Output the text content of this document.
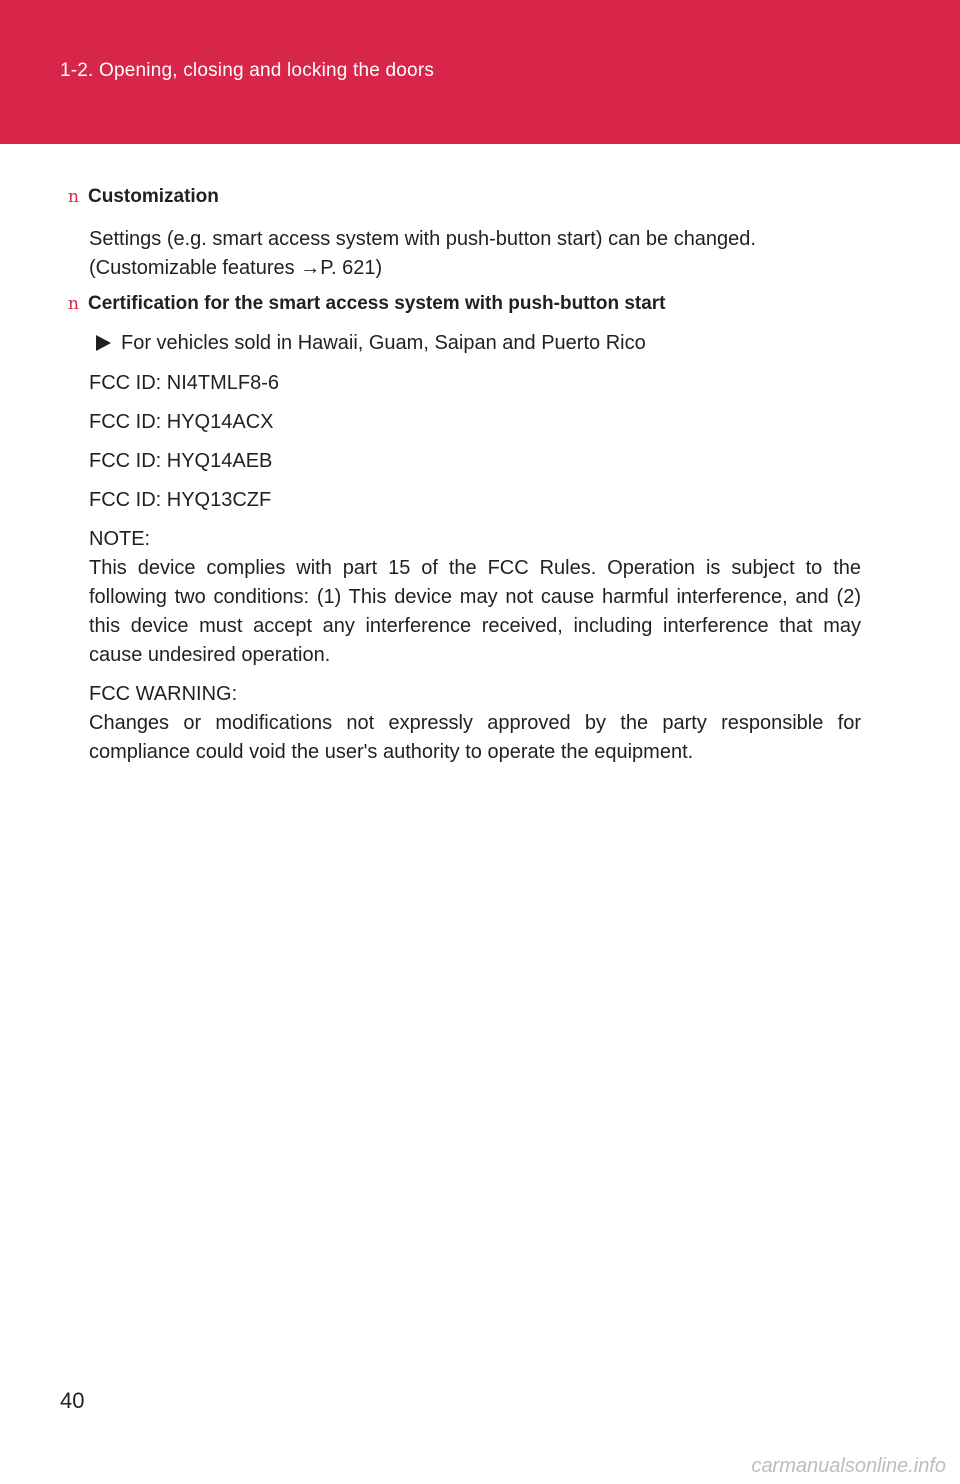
1-2. Opening, closing and locking the doors
n Customization
Settings (e.g. smart access system with push-button start) can be changed.
(Customizable features →P. 621)
n Certification for the smart access system with push-button start
For vehicles sold in Hawaii, Guam, Saipan and Puerto Rico
FCC ID: NI4TMLF8-6
FCC ID: HYQ14ACX
FCC ID: HYQ14AEB
FCC ID: HYQ13CZF
NOTE:
This device complies with part 15 of the FCC Rules. Operation is subject to the following two conditions: (1) This device may not cause harmful interference, and (2) this device must accept any interference received, including interference that may cause undesired operation.
FCC WARNING:
Changes or modifications not expressly approved by the party responsible for compliance could void the user's authority to operate the equipment.
40
carmanualsonline.info
